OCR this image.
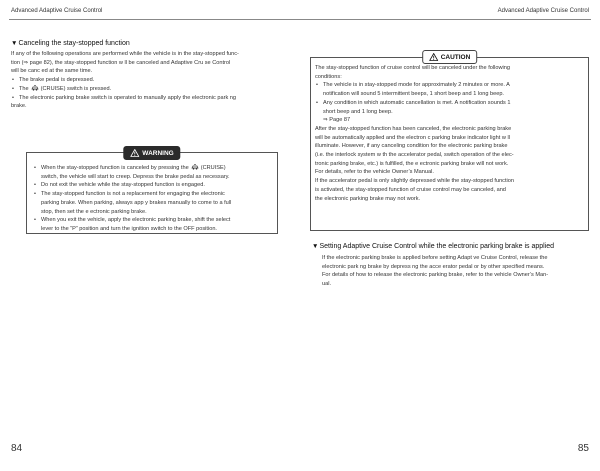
Advanced Adaptive Cruise Control
▼Canceling the stay-stopped function

If any of the following operations are performed while the vehicle is in the stay-stopped func-

tion (⇒ page 82), the stay-stopped function w ll be canceled and Adaptive Cru se Control

will be canc ed at the same time.

• The brake pedal is depressed.

• The (CRUISE) switch is pressed.

• The electronic parking brake switch is operated to manually apply the electronic park ng

brake.

WARNING

• When the stay-stopped function is canceled by pressing the (CRUISE)
switch, the vehicle will start to creep. Depress the brake pedal as necessary.

• Do not exit the vehicle while the stay-stopped function is engaged.

• The stay-stopped function is not a replacement for engaging the electronic
parking brake. When parking, always app y brakes manually to come to a full
stop, then set the e ectronic parking brake.

• When you exit the vehicle, apply the electronic parking brake, shift the select
lever to the “P” position and turn the ignition switch to the OFF position.

84
Advanced Adaptive Cruise Control
CAUTION

The stay-stopped function of cruise control will be canceled under the following

conditions:

• The vehicle is in stay-stopped mode for approximately 2 minutes or more. A
notification will sound 5 intermittent beeps, 1 short beep and 1 long beep.

• Any condition in which automatic cancellation is met. A notification sounds 1
short beep and 1 long beep.

⇒ Page 87

After the stay-stopped function has been canceled, the electronic parking brake

will be automatically applied and the electron c parking brake indicator light w ll

illuminate. However, if any canceling condition for the electronic parking brake

(i.e. the interlock system w th the accelerator pedal, switch operation of the elec-

tronic parking brake, etc.) is fulfilled, the e ectronic parking brake will not work.

For details, refer to the vehicle Owner’s Manual.

If the accelerator pedal is only slightly depressed while the stay-stopped function

is activated, the stay-stopped function of cruise control may be canceled, and

the electronic parking brake may not work.

▼Setting Adaptive Cruise Control while the electronic parking brake is applied

If the electronic parking brake is applied before setting Adapt ve Cruise Control, release the

electronic park ng brake by depress ng the acce erator pedal or by other specified means.

For details of how to release the electronic parking brake, refer to the vehicle Owner’s Man-

ual.

85
